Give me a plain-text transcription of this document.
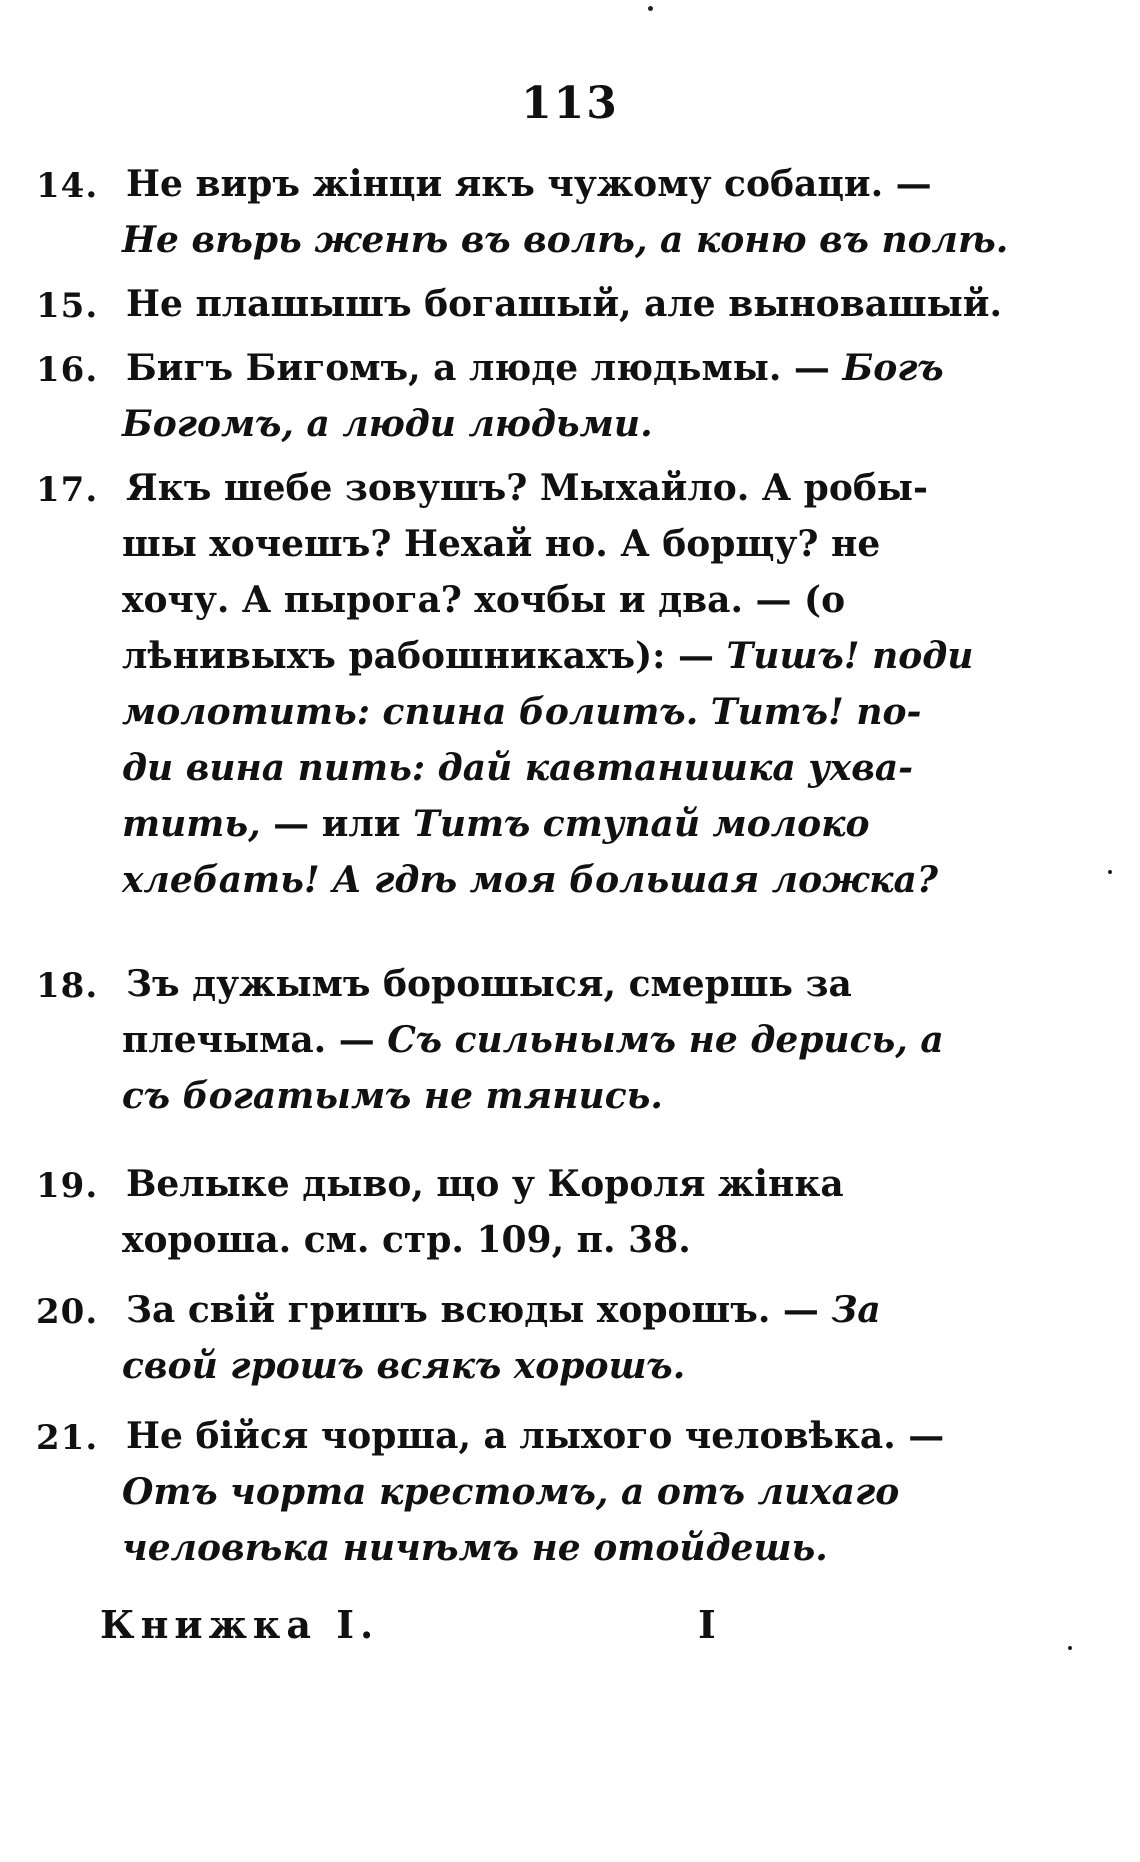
113
14. Не виръ жінци якъ чужому собаци. —
Не вѣрь женѣ въ волѣ, а коню въ полѣ.
15. Не плашышъ богашый, але выновашый.
16. Бигъ Бигомъ, а люде людьмы. — Богъ
Богомъ, а люди людьми.
17. Якъ шебе зовушъ? Мыхайло. А робы-
шы хочешъ? Нехай но. А борщу? не
хочу. А пырога? хочбы и два. — (о
лѣнивыхъ рабошникахъ): — Тишъ! поди
молотить: спина болитъ. Титъ! по-
ди вина пить: дай кавтанишка ухва-
тить, — или Титъ ступай молоко
хлебать! А гдѣ моя большая ложка?
18. Зъ дужымъ борошыся, смершь за
плечыма. — Съ сильнымъ не дерись, а
съ богатымъ не тянись.
19. Велыке дыво, що у Короля жінка
хороша. см. стр. 109, п. 38.
20. За свій гришъ всюды хорошъ. — За
свой грошъ всякъ хорошъ.
21. Не бійся чорша, а лыхого человѣка. —
Отъ чорта крестомъ, а отъ лихаго
человѣка ничѣмъ не отойдешь.
Книжка I.	I
